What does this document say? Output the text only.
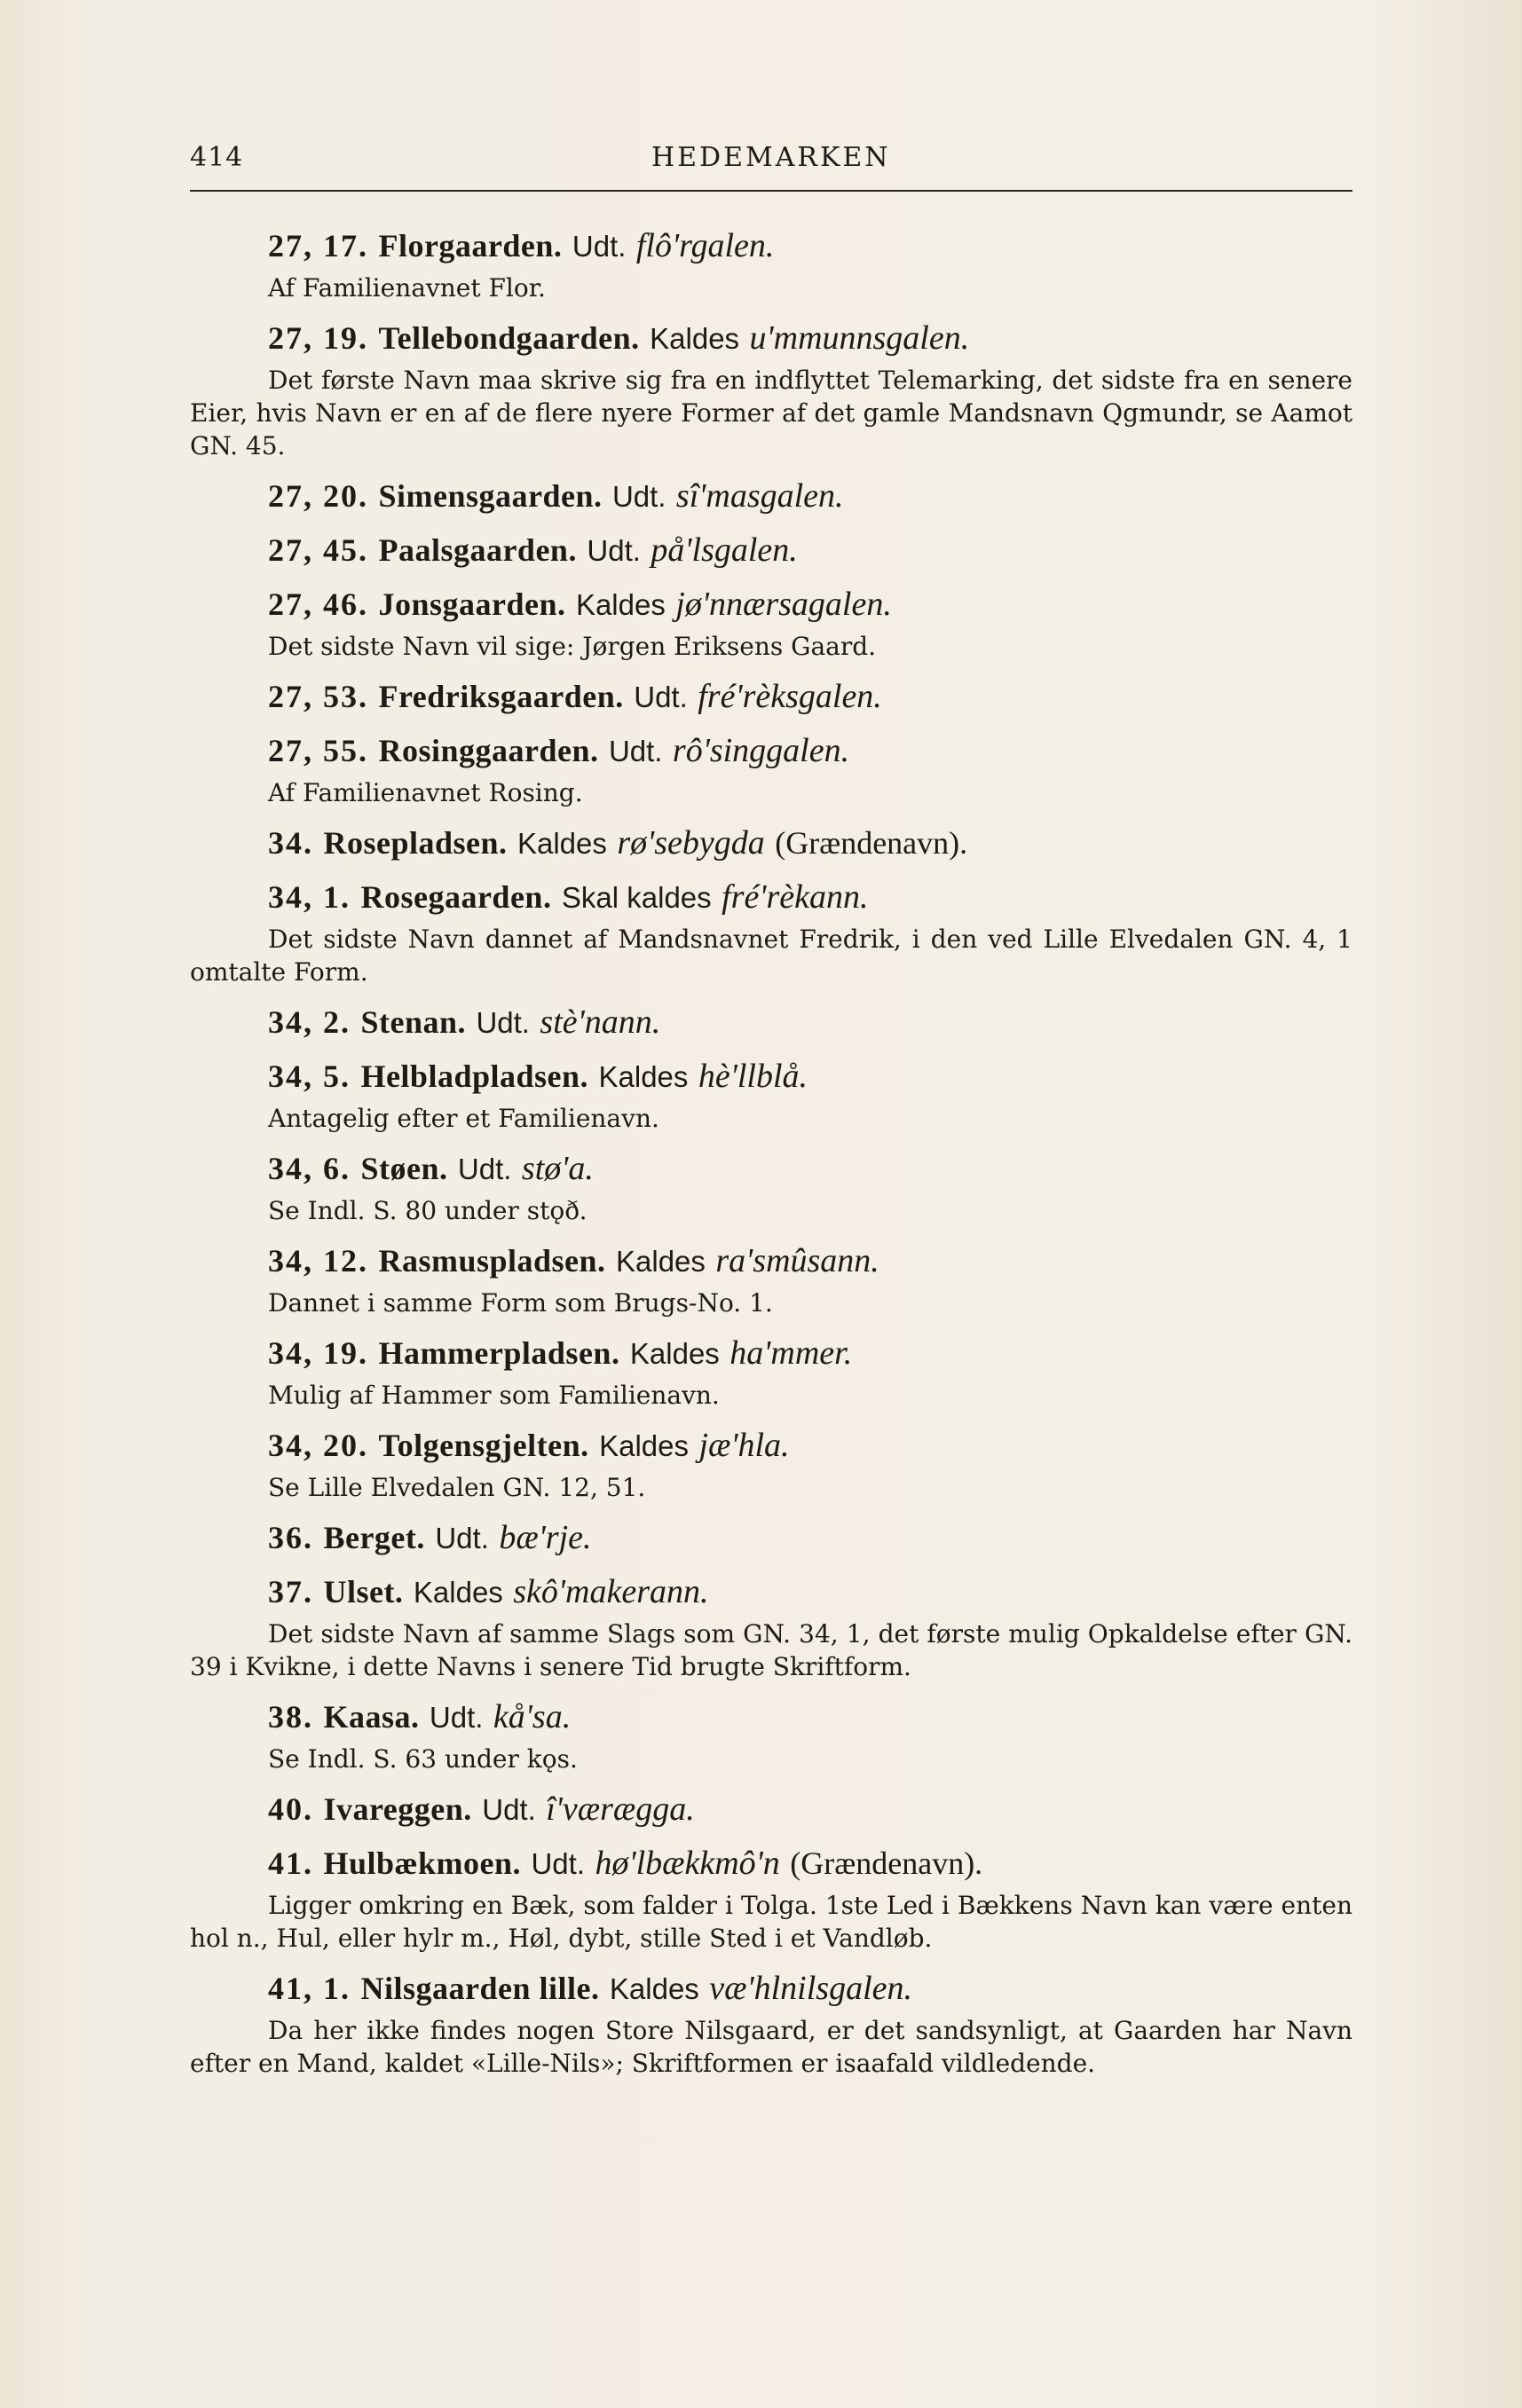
414	HEDEMARKEN
27, 17. Florgaarden. Udt. flô'rgalen.
Af Familienavnet Flor.
27, 19. Tellebondgaarden. Kaldes u'mmunnsgalen.
Det første Navn maa skrive sig fra en indflyttet Telemarking, det sidste fra en senere Eier, hvis Navn er en af de flere nyere Former af det gamle Mandsnavn Qgmundr, se Aamot GN. 45.
27, 20. Simensgaarden. Udt. sî'masgalen.
27, 45. Paalsgaarden. Udt. på'lsgalen.
27, 46. Jonsgaarden. Kaldes jø'nnærsagalen.
Det sidste Navn vil sige: Jørgen Eriksens Gaard.
27, 53. Fredriksgaarden. Udt. fré'rèksgalen.
27, 55. Rosinggaarden. Udt. rô'singgalen.
Af Familienavnet Rosing.
34. Rosepladsen. Kaldes rø'sebygda (Grændenavn).
34, 1. Rosegaarden. Skal kaldes fré'rèkann.
Det sidste Navn dannet af Mandsnavnet Fredrik, i den ved Lille Elvedalen GN. 4, 1 omtalte Form.
34, 2. Stenan. Udt. stè'nann.
34, 5. Helbladpladsen. Kaldes hè'llblå.
Antagelig efter et Familienavn.
34, 6. Støen. Udt. stø'a.
Se Indl. S. 80 under stǫð.
34, 12. Rasmuspladsen. Kaldes ra'smûsann.
Dannet i samme Form som Brugs-No. 1.
34, 19. Hammerpladsen. Kaldes ha'mmer.
Mulig af Hammer som Familienavn.
34, 20. Tolgensgjelten. Kaldes jæ'hla.
Se Lille Elvedalen GN. 12, 51.
36. Berget. Udt. bæ'rje.
37. Ulset. Kaldes skô'makerann.
Det sidste Navn af samme Slags som GN. 34, 1, det første mulig Opkaldelse efter GN. 39 i Kvikne, i dette Navns i senere Tid brugte Skriftform.
38. Kaasa. Udt. kå'sa.
Se Indl. S. 63 under kǫs.
40. Ivareggen. Udt. î'værægga.
41. Hulbækmoen. Udt. hø'lbækkmô'n (Grændenavn).
Ligger omkring en Bæk, som falder i Tolga. 1ste Led i Bækkens Navn kan være enten hol n., Hul, eller hylr m., Høl, dybt, stille Sted i et Vandløb.
41, 1. Nilsgaarden lille. Kaldes væ'hlnilsgalen.
Da her ikke findes nogen Store Nilsgaard, er det sandsynligt, at Gaarden har Navn efter en Mand, kaldet «Lille-Nils»; Skriftformen er isaafald vildledende.
